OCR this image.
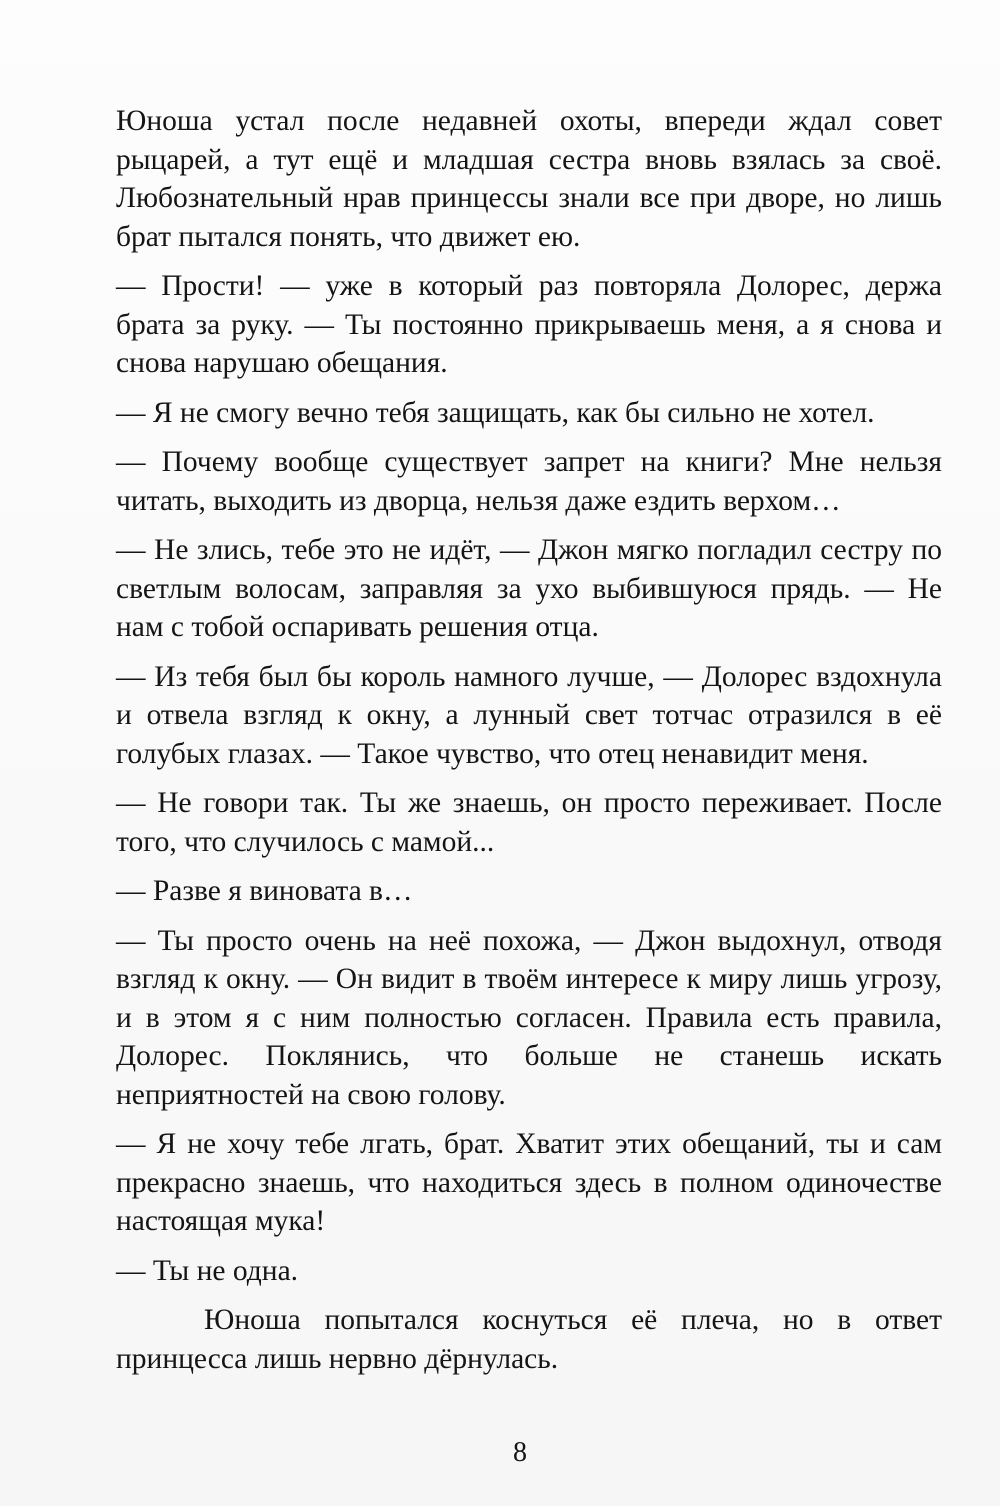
Юноша устал после недавней охоты, впереди ждал совет рыцарей, а тут ещё и младшая сестра вновь взялась за своё. Любознательный нрав принцессы знали все при дворе, но лишь брат пытался понять, что движет ею.

— Прости! — уже в который раз повторяла Долорес, держа брата за руку. — Ты постоянно прикрываешь меня, а я снова и снова нарушаю обещания.

— Я не смогу вечно тебя защищать, как бы сильно не хотел.

— Почему вообще существует запрет на книги? Мне нельзя читать, выходить из дворца, нельзя даже ездить верхом…

— Не злись, тебе это не идёт, — Джон мягко погладил сестру по светлым волосам, заправляя за ухо выбившуюся прядь. — Не нам с тобой оспаривать решения отца.

— Из тебя был бы король намного лучше, — Долорес вздохнула и отвела взгляд к окну, а лунный свет тотчас отразился в её голубых глазах. — Такое чувство, что отец ненавидит меня.

— Не говори так. Ты же знаешь, он просто переживает. После того, что случилось с мамой...

— Разве я виновата в…

— Ты просто очень на неё похожа, — Джон выдохнул, отводя взгляд к окну. — Он видит в твоём интересе к миру лишь угрозу, и в этом я с ним полностью согласен. Правила есть правила, Долорес. Поклянись, что больше не станешь искать неприятностей на свою голову.

— Я не хочу тебе лгать, брат. Хватит этих обещаний, ты и сам прекрасно знаешь, что находиться здесь в полном одиночестве настоящая мука!

— Ты не одна.

Юноша попытался коснуться её плеча, но в ответ принцесса лишь нервно дёрнулась.

8
